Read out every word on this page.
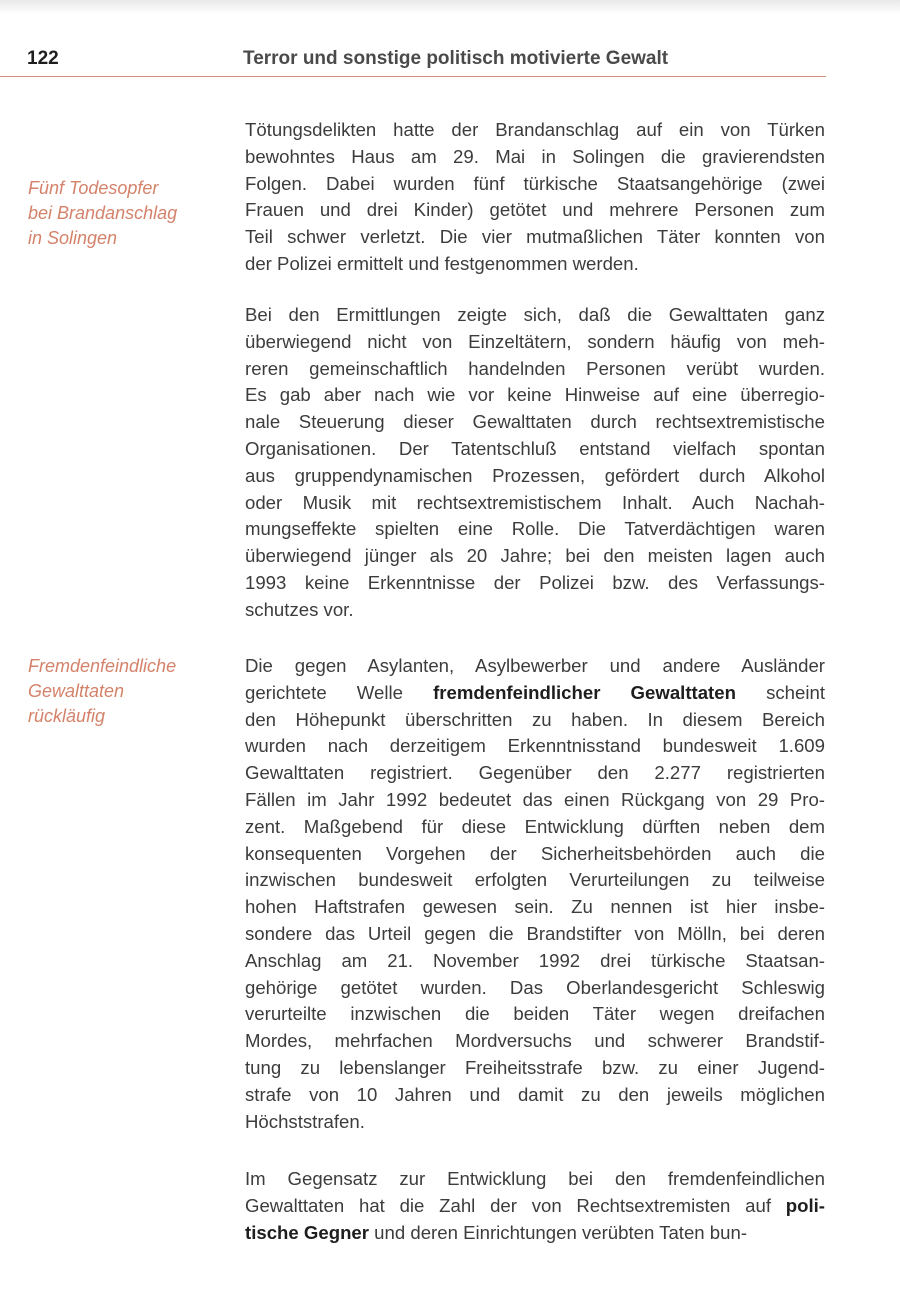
122	Terror und sonstige politisch motivierte Gewalt
Fünf Todesopfer
bei Brandanschlag
in Solingen
Fremdenfeindliche
Gewalttaten
rückläufig
Tötungsdelikten hatte der Brandanschlag auf ein von Türken
bewohntes Haus am 29. Mai in Solingen die gravierendsten
Folgen. Dabei wurden fünf türkische Staatsangehörige (zwei
Frauen und drei Kinder) getötet und mehrere Personen zum
Teil schwer verletzt. Die vier mutmaßlichen Täter konnten von
der Polizei ermittelt und festgenommen werden.
Bei den Ermittlungen zeigte sich, daß die Gewalttaten ganz
überwiegend nicht von Einzeltätern, sondern häufig von meh-
reren gemeinschaftlich handelnden Personen verübt wurden.
Es gab aber nach wie vor keine Hinweise auf eine überregio-
nale Steuerung dieser Gewalttaten durch rechtsextremistische
Organisationen. Der Tatentschluß entstand vielfach spontan
aus gruppendynamischen Prozessen, gefördert durch Alkohol
oder Musik mit rechtsextremistischem Inhalt. Auch Nachah-
mungseffekte spielten eine Rolle. Die Tatverdächtigen waren
überwiegend jünger als 20 Jahre; bei den meisten lagen auch
1993 keine Erkenntnisse der Polizei bzw. des Verfassungs-
schutzes vor.
Die gegen Asylanten, Asylbewerber und andere Ausländer
gerichtete Welle fremdenfeindlicher Gewalttaten scheint
den Höhepunkt überschritten zu haben. In diesem Bereich
wurden nach derzeitigem Erkenntnisstand bundesweit 1.609
Gewalttaten registriert. Gegenüber den 2.277 registrierten
Fällen im Jahr 1992 bedeutet das einen Rückgang von 29 Pro-
zent. Maßgebend für diese Entwicklung dürften neben dem
konsequenten Vorgehen der Sicherheitsbehörden auch die
inzwischen bundesweit erfolgten Verurteilungen zu teilweise
hohen Haftstrafen gewesen sein. Zu nennen ist hier insbe-
sondere das Urteil gegen die Brandstifter von Mölln, bei deren
Anschlag am 21. November 1992 drei türkische Staatsan-
gehörige getötet wurden. Das Oberlandesgericht Schleswig
verurteilte inzwischen die beiden Täter wegen dreifachen
Mordes, mehrfachen Mordversuchs und schwerer Brandstif-
tung zu lebenslanger Freiheitsstrafe bzw. zu einer Jugend-
strafe von 10 Jahren und damit zu den jeweils möglichen
Höchststrafen.
Im Gegensatz zur Entwicklung bei den fremdenfeindlichen
Gewalttaten hat die Zahl der von Rechtsextremisten auf poli-
tische Gegner und deren Einrichtungen verübten Taten bun-
